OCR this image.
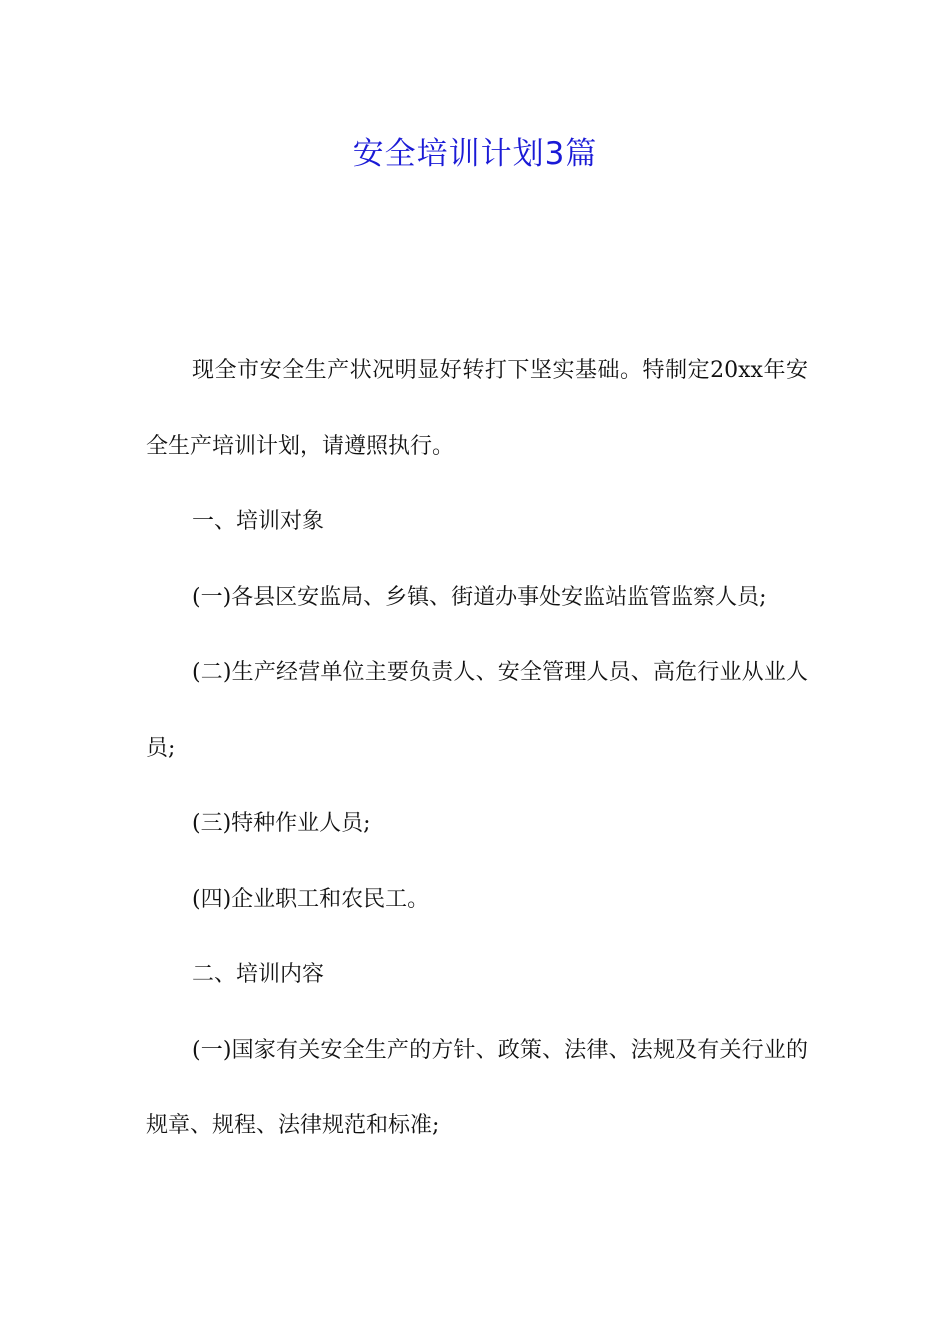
安全培训计划3篇

现全市安全生产状况明显好转打下坚实基础。特制定20xx年安全生产培训计划，请遵照执行。

一、培训对象

(一)各县区安监局、乡镇、街道办事处安监站监管监察人员;

(二)生产经营单位主要负责人、安全管理人员、高危行业从业人员;

(三)特种作业人员;

(四)企业职工和农民工。

二、培训内容

(一)国家有关安全生产的方针、政策、法律、法规及有关行业的规章、规程、法律规范和标准;
